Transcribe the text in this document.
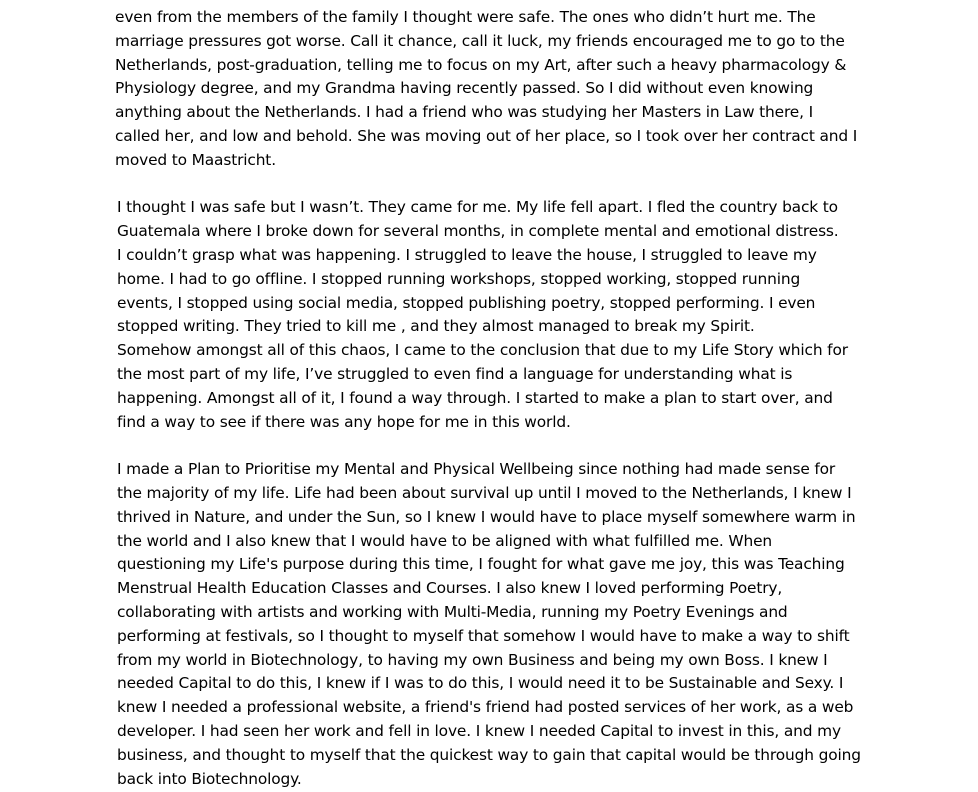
even from the members of the family I thought were safe. The ones who didn’t hurt me. The
marriage pressures got worse. Call it chance, call it luck, my friends encouraged me to go to the
Netherlands, post-graduation, telling me to focus on my Art, after such a heavy pharmacology &
Physiology degree, and my Grandma having recently passed. So I did without even knowing
anything about the Netherlands. I had a friend who was studying her Masters in Law there, I
called her, and low and behold. She was moving out of her place, so I took over her contract and I
moved to Maastricht.
I thought I was safe but I wasn’t. They came for me. My life fell apart. I fled the country back to
Guatemala where I broke down for several months, in complete mental and emotional distress.
I couldn’t grasp what was happening. I struggled to leave the house, I struggled to leave my
home. I had to go offline. I stopped running workshops, stopped working, stopped running
events, I stopped using social media, stopped publishing poetry, stopped performing. I even
stopped writing. They tried to kill me , and they almost managed to break my Spirit.
Somehow amongst all of this chaos, I came to the conclusion that due to my Life Story which for
the most part of my life, I’ve struggled to even find a language for understanding what is
happening. Amongst all of it, I found a way through. I started to make a plan to start over, and
find a way to see if there was any hope for me in this world.
I made a Plan to Prioritise my Mental and Physical Wellbeing since nothing had made sense for
the majority of my life. Life had been about survival up until I moved to the Netherlands, I knew I
thrived in Nature, and under the Sun, so I knew I would have to place myself somewhere warm in
the world and I also knew that I would have to be aligned with what fulfilled me. When
questioning my Life's purpose during this time, I fought for what gave me joy, this was Teaching
Menstrual Health Education Classes and Courses. I also knew I loved performing Poetry,
collaborating with artists and working with Multi-Media, running my Poetry Evenings and
performing at festivals, so I thought to myself that somehow I would have to make a way to shift
from my world in Biotechnology, to having my own Business and being my own Boss. I knew I
needed Capital to do this, I knew if I was to do this, I would need it to be Sustainable and Sexy. I
knew I needed a professional website, a friend's friend had posted services of her work, as a web
developer. I had seen her work and fell in love. I knew I needed Capital to invest in this, and my
business, and thought to myself that the quickest way to gain that capital would be through going
back into Biotechnology.
